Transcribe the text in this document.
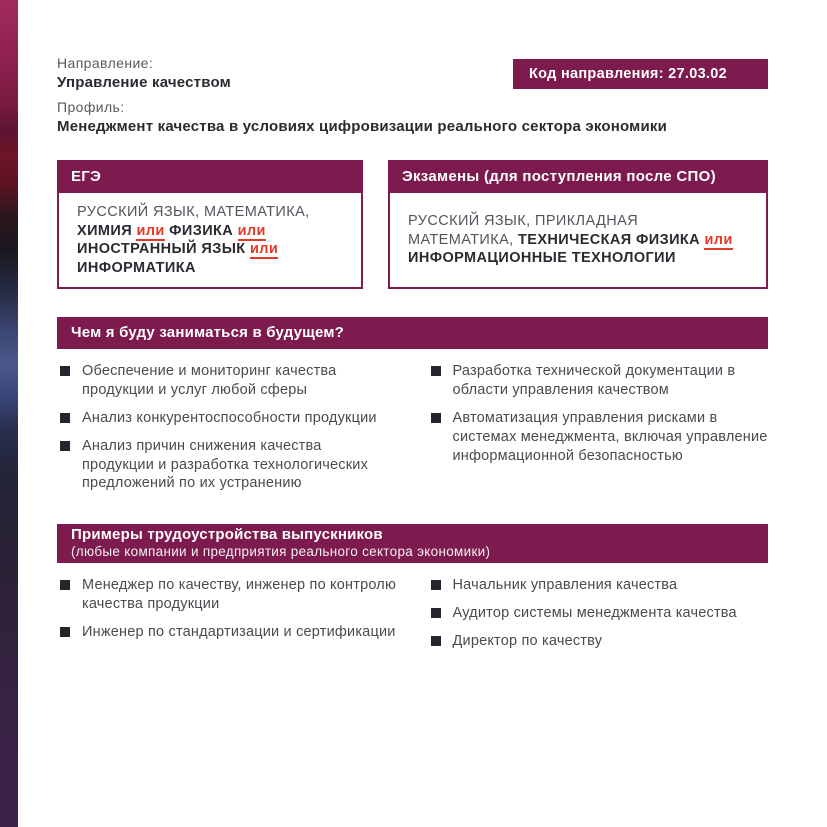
Направление:
Управление качеством	Код направления: 27.03.02
Профиль:
Менеджмент качества в условиях цифровизации реального сектора экономики
ЕГЭ
РУССКИЙ ЯЗЫК, МАТЕМАТИКА, ХИМИЯ или ФИЗИКА или ИНОСТРАННЫЙ ЯЗЫК или ИНФОРМАТИКА
Экзамены (для поступления после СПО)
РУССКИЙ ЯЗЫК, ПРИКЛАДНАЯ МАТЕМАТИКА, ТЕХНИЧЕСКАЯ ФИЗИКА или ИНФОРМАЦИОННЫЕ ТЕХНОЛОГИИ
Чем я буду заниматься в будущем?
Обеспечение и мониторинг качества продукции и услуг любой сферы
Анализ конкурентоспособности продукции
Анализ причин снижения качества продукции и разработка технологических предложений по их устранению
Разработка технической документации в области управления качеством
Автоматизация управления рисками в системах менеджмента, включая управление информационной безопасностью
Примеры трудоустройства выпускников
(любые компании и предприятия реального сектора экономики)
Менеджер по качеству, инженер по контролю качества продукции
Инженер по стандартизации и сертификации
Начальник управления качества
Аудитор системы менеджмента качества
Директор по качеству
